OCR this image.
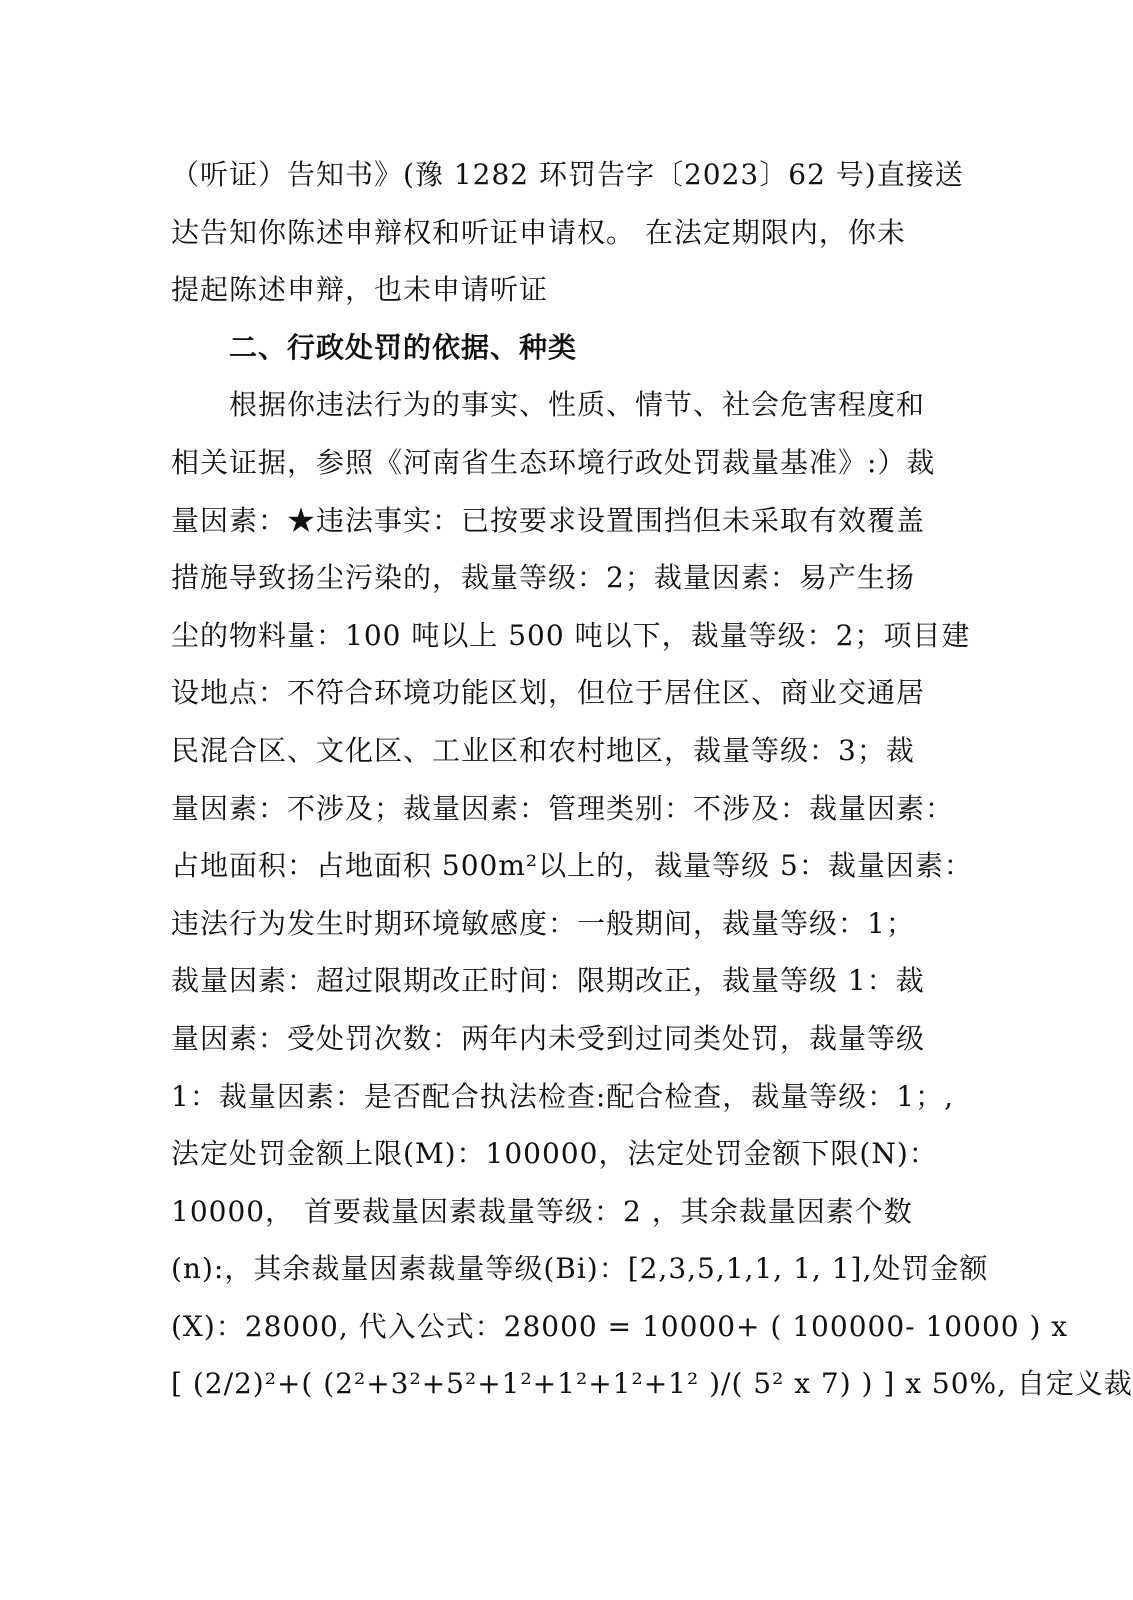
（听证）告知书》(豫 1282 环罚告字〔2023〕62 号)直接送
达告知你陈述申辩权和听证申请权。 在法定期限内，你未
提起陈述申辩，也未申请听证
二、行政处罚的依据、种类
根据你违法行为的事实、性质、情节、社会危害程度和
相关证据，参照《河南省生态环境行政处罚裁量基准》:）裁
量因素：★违法事实：已按要求设置围挡但未采取有效覆盖
措施导致扬尘污染的，裁量等级：2；裁量因素：易产生扬
尘的物料量：100 吨以上 500 吨以下，裁量等级：2；项目建
设地点：不符合环境功能区划，但位于居住区、商业交通居
民混合区、文化区、工业区和农村地区，裁量等级：3；裁
量因素：不涉及；裁量因素：管理类别：不涉及：裁量因素：
占地面积：占地面积 500m²以上的，裁量等级 5：裁量因素：
违法行为发生时期环境敏感度：一般期间，裁量等级：1；
裁量因素：超过限期改正时间：限期改正，裁量等级 1：裁
量因素：受处罚次数：两年内未受到过同类处罚，裁量等级
1：裁量因素：是否配合执法检查:配合检查，裁量等级：1；,
法定处罚金额上限(M)：100000，法定处罚金额下限(N)：
10000， 首要裁量因素裁量等级：2 ，其余裁量因素个数
(n):，其余裁量因素裁量等级(Bi)：[2,3,5,1,1, 1, 1],处罚金额
(X)：28000, 代入公式：28000 = 10000+ ( 100000- 10000 ) x
[ (2/2)²+( (2²+3²+5²+1²+1²+1²+1² )/( 5² x 7) ) ] x 50%, 自定义裁
